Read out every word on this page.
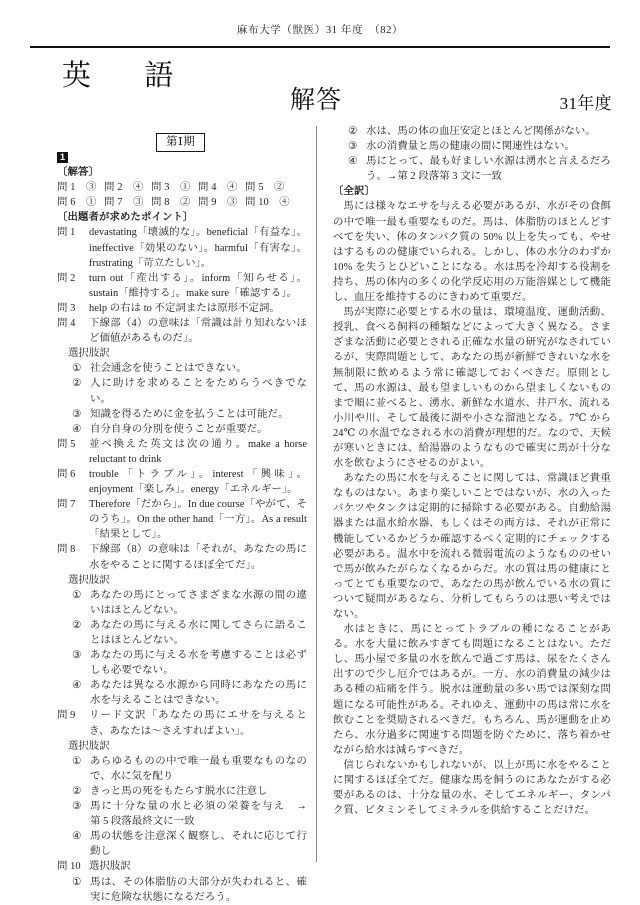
麻布大学（獣医）31 年度　（82）
英　語
解答	31年度
第Ⅰ期
1
〔解答〕
問 1　③ 問 2　④ 問 3　① 問 4　④ 問 5　②
問 6　① 問 7　③ 問 8　② 問 9　③ 問 10　④
〔出題者が求めたポイント〕
問 1	devastating「壊滅的な」。beneficial「有益な」。ineffective「効果のない」。harmful「有害な」。frustrating「苛立たしい」。
問 2	turn out「産出する」。inform「知らせる」。sustain「維持する」。make sure「確認する」。
問 3	help の右は to 不定詞または原形不定詞。
問 4	下線部（4）の意味は「常識は計り知れないほど価値があるものだ」。
選択肢訳
① 社会通念を使うことはできない。
② 人に助けを求めることをためらうべきでない。
③ 知識を得るために金を払うことは可能だ。
④ 自分自身の分別を使うことが重要だ。
問 5	並べ換えた英文は次の通り。make a horse reluctant to drink
問 6	trouble「トラブル」。interest「興味」。enjoyment「楽しみ」。energy「エネルギー」。
問 7	Therefore「だから」。In due course「やがて、そのうち」。On the other hand「一方」。As a result「結果として」。
問 8	下線部（8）の意味は「それが、あなたの馬に水をやることに関するほぼ全てだ」。
選択肢訳
① あなたの馬にとってさまざまな水源の間の違いはほとんどない。
② あなたの馬に与える水に関してさらに語ることはほとんどない。
③ あなたの馬に与える水を考慮することは必ずしも必要でない。
④ あなたは異なる水源から同時にあなたの馬に水を与えることはできない。
問 9	リード文訳「あなたの馬にエサを与えるとき、あなたは～さえすればよい」。
選択肢訳
① あらゆるものの中で唯一最も重要なものなので、水に気を配り
② きっと馬の死をもたらす脱水に注意し
③ 馬に十分な量の水と必須の栄養を与え　→　第 5 段落最終文に一致
④ 馬の状態を注意深く観察し、それに応じて行動し
問 10 選択肢訳
① 馬は、その体脂肪の大部分が失われると、確実に危険な状態になるだろう。
② 水は、馬の体の血圧安定とほとんど関係がない。
③ 水の消費量と馬の健康の間に関連性はない。
④ 馬にとって、最も好ましい水源は湧水と言えるだろう。→第 2 段落第 3 文に一致
〔全訳〕
馬には様々なエサを与える必要があるが、水がその食餌の中で唯一最も重要なものだ。馬は、体脂肪のほとんどすべてを失い、体のタンパク質の 50% 以上を失っても、やせはするものの健康でいられる。しかし、体の水分のわずか 10% を失うとひどいことになる。水は馬を冷却する役割を持ち、馬の体内の多くの化学反応用の万能溶媒として機能し、血圧を維持するのにきわめて重要だ。
馬が実際に必要とする水の量は、環境温度、運動活動、授乳、食べる飼料の種類などによって大きく異なる。さまざまな活動に必要とされる正確な水量の研究がなされているが、実際問題として、あなたの馬が新鮮できれいな水を無制限に飲めるよう常に確認しておくべきだ。原則として、馬の水源は、最も望ましいものから望ましくないものまで順に並べると、湧水、新鮮な水道水、井戸水、流れる小川や川、そして最後に湖や小さな溜池となる。7℃ から 24℃ の水温でなされる水の消費が理想的だ。なので、天候が寒いときには、給湯器のようなもので確実に馬が十分な水を飲むようにさせるのがよい。
あなたの馬に水を与えることに関しては、常識ほど貴重なものはない。あまり楽しいことではないが、水の入ったバケツやタンクは定期的に掃除する必要がある。自動給湯器または温水給水器、もしくはその両方は、それが正常に機能しているかどうか確認するべく定期的にチェックする必要がある。温水中を流れる微弱電流のようなもののせいで馬が飲みたがらなくなるからだ。水の質は馬の健康にとってとても重要なので、あなたの馬が飲んでいる水の質について疑問があるなら、分析してもらうのは悪い考えではない。
水はときに、馬にとってトラブルの種になることがある。水を大量に飲みすぎても問題になることはない。ただし、馬小屋で多量の水を飲んで過ごす馬は、尿をたくさん出すので少し厄介ではあるが。一方、水の消費量の減少はある種の疝痛を伴う。脱水は運動量の多い馬では深刻な問題になる可能性がある。それゆえ、運動中の馬は常に水を飲むことを奨励されるべきだ。もちろん、馬が運動を止めたら、水分過多に関連する問題を防ぐために、落ち着かせながら給水は減らすべきだ。
信じられないかもしれないが、以上が馬に水をやることに関するほぼ全てだ。健康な馬を飼うのにあなたがする必要があるのは、十分な量の水、そしてエネルギー、タンパク質、ビタミンそしてミネラルを供給することだけだ。
